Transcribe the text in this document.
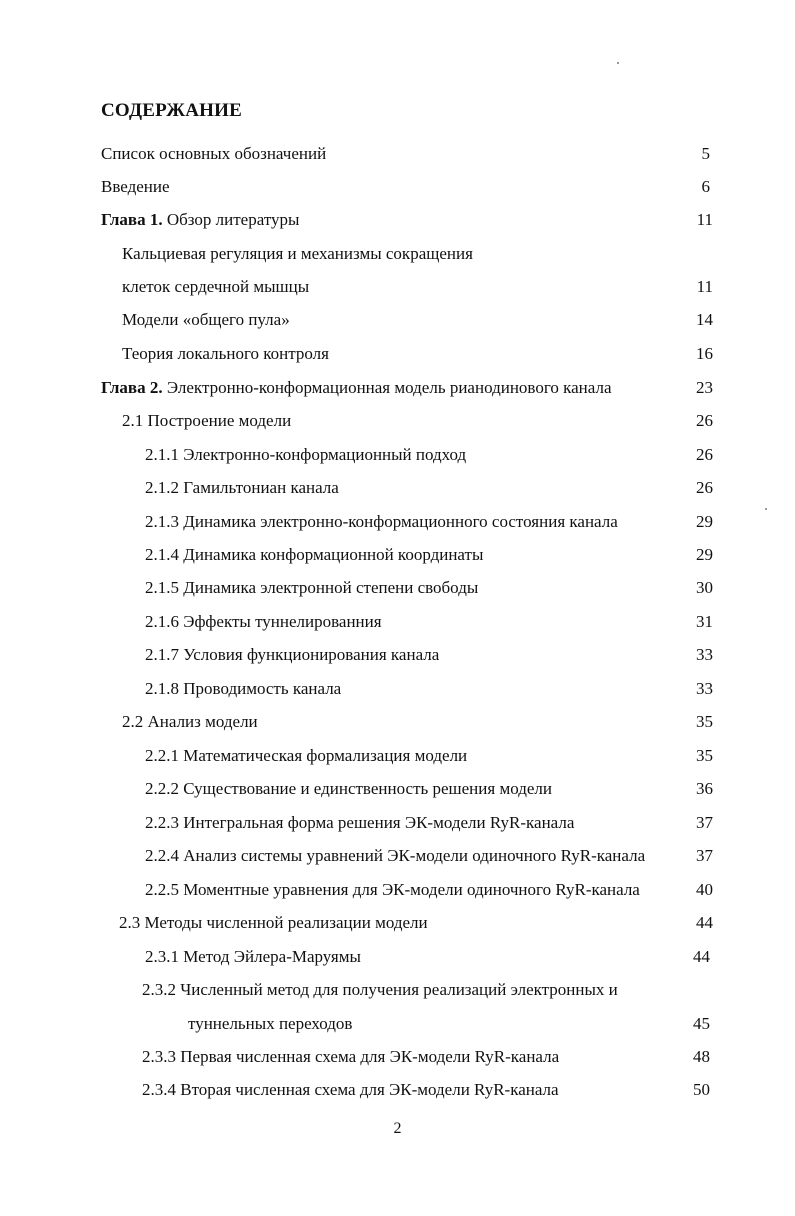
СОДЕРЖАНИЕ
Список основных обозначений	5
Введение	6
Глава 1. Обзор литературы	11
Кальциевая регуляция и механизмы сокращения
клеток сердечной мышцы	11
Модели «общего пула»	14
Теория локального контроля	16
Глава 2. Электронно-конформационная модель рианодинового канала	23
2.1 Построение модели	26
2.1.1 Электронно-конформационный подход	26
2.1.2 Гамильтониан канала	26
2.1.3 Динамика электронно-конформационного состояния канала	29
2.1.4 Динамика конформационной координаты	29
2.1.5 Динамика электронной степени свободы	30
2.1.6 Эффекты туннелированния	31
2.1.7 Условия функционирования канала	33
2.1.8 Проводимость канала	33
2.2 Анализ модели	35
2.2.1 Математическая формализация модели	35
2.2.2 Существование и единственность решения модели	36
2.2.3 Интегральная форма решения ЭК-модели RyR-канала	37
2.2.4 Анализ системы уравнений ЭК-модели одиночного RyR-канала	37
2.2.5 Моментные уравнения для ЭК-модели одиночного RyR-канала	40
2.3 Методы численной реализации модели	44
2.3.1 Метод Эйлера-Маруямы	44
2.3.2 Численный метод для получения реализаций электронных и
туннельных переходов	45
2.3.3 Первая численная схема для ЭК-модели RyR-канала	48
2.3.4 Вторая численная схема для ЭК-модели RyR-канала	50
2
